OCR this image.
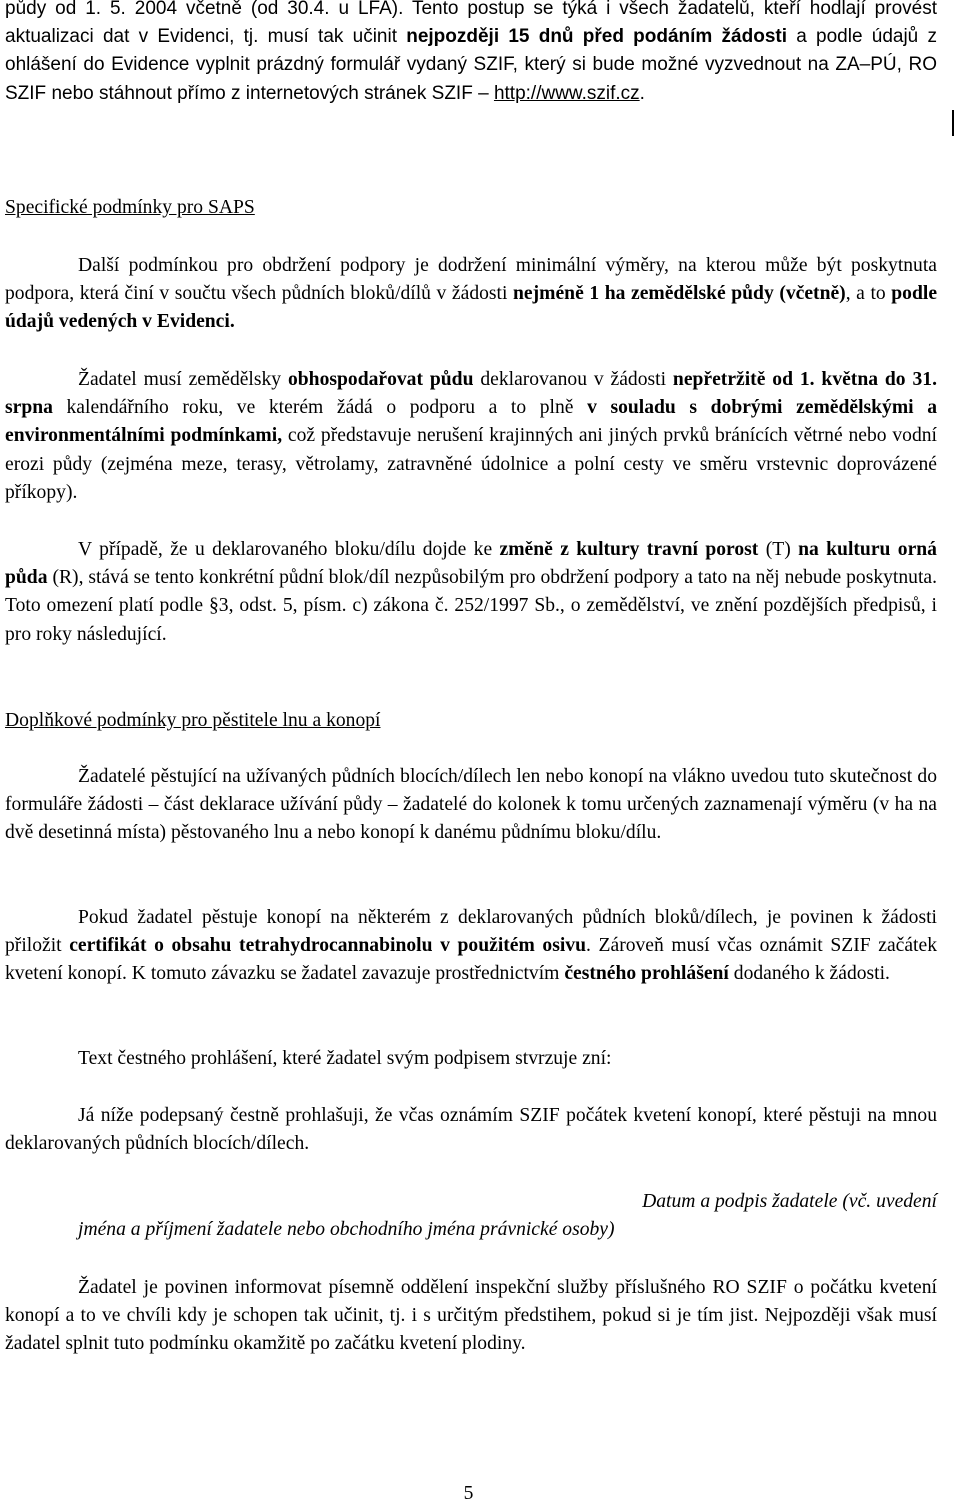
půdy od 1. 5. 2004 včetně (od 30.4. u LFA). Tento postup se týká i všech žadatelů, kteří hodlají provést aktualizaci dat v Evidenci, tj. musí tak učinit nejpozději 15 dnů před podáním žádosti a podle údajů z ohlášení do Evidence vyplnit prázdný formulář vydaný SZIF, který si bude možné vyzvednout na ZA–PÚ, RO SZIF nebo stáhnout přímo z internetových stránek SZIF – http://www.szif.cz.

Specifické podmínky pro SAPS

Další podmínkou pro obdržení podpory je dodržení minimální výměry, na kterou může být poskytnuta podpora, která činí v součtu všech půdních bloků/dílů v žádosti nejméně 1 ha zemědělské půdy (včetně), a to podle údajů vedených v Evidenci.

Žadatel musí zemědělsky obhospodařovat půdu deklarovanou v žádosti nepřetržitě od 1. května do 31. srpna kalendářního roku, ve kterém žádá o podporu a to plně v souladu s dobrými zemědělskými a environmentálními podmínkami, což představuje nerušení krajinných ani jiných prvků bránících větrné nebo vodní erozi půdy (zejména meze, terasy, větrolamy, zatravněné údolnice a polní cesty ve směru vrstevnic doprovázené příkopy).

V případě, že u deklarovaného bloku/dílu dojde ke změně z kultury travní porost (T) na kulturu orná půda (R), stává se tento konkrétní půdní blok/díl nezpůsobilým pro obdržení podpory a tato na něj nebude poskytnuta. Toto omezení platí podle §3, odst. 5, písm. c) zákona č. 252/1997 Sb., o zemědělství, ve znění pozdějších předpisů, i pro roky následující.

Doplňkové podmínky pro pěstitele lnu a konopí

Žadatelé pěstující na užívaných půdních blocích/dílech len nebo konopí na vlákno uvedou tuto skutečnost do formuláře žádosti – část deklarace užívání půdy – žadatelé do kolonek k tomu určených zaznamenají výměru (v ha na dvě desetinná místa) pěstovaného lnu a nebo konopí k danému půdnímu bloku/dílu.

Pokud žadatel pěstuje konopí na některém z deklarovaných půdních bloků/dílech, je povinen k žádosti přiložit certifikát o obsahu tetrahydrocannabinolu v použitém osivu. Zároveň musí včas oznámit SZIF začátek kvetení konopí. K tomuto závazku se žadatel zavazuje prostřednictvím čestného prohlášení dodaného k žádosti.

Text čestného prohlášení, které žadatel svým podpisem stvrzuje zní:

Já níže podepsaný čestně prohlašuji, že včas oznámím SZIF počátek kvetení konopí, které pěstuji na mnou deklarovaných půdních blocích/dílech.

Datum a podpis žadatele (vč. uvedení

jména a příjmení žadatele nebo obchodního jména právnické osoby)

Žadatel je povinen informovat písemně oddělení inspekční služby příslušného RO SZIF o počátku kvetení konopí a to ve chvíli kdy je schopen tak učinit, tj. i s určitým předstihem, pokud si je tím jist. Nejpozději však musí žadatel splnit tuto podmínku okamžitě po začátku kvetení plodiny.

5
